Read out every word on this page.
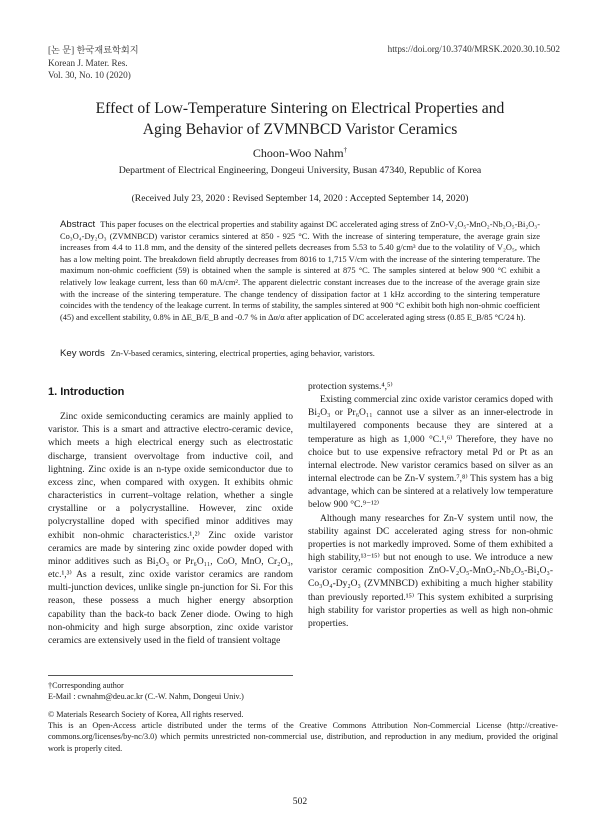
[논 문] 한국재료학회지
Korean J. Mater. Res.
Vol. 30, No. 10 (2020)
https://doi.org/10.3740/MRSK.2020.30.10.502
Effect of Low-Temperature Sintering on Electrical Properties and
Aging Behavior of ZVMNBCD Varistor Ceramics
Choon-Woo Nahm†
Department of Electrical Engineering, Dongeui University, Busan 47340, Republic of Korea
(Received July 23, 2020 : Revised September 14, 2020 : Accepted September 14, 2020)
Abstract This paper focuses on the electrical properties and stability against DC accelerated aging stress of ZnO-V₂O₅-MnO₂-Nb₂O₅-Bi₂O₃-Co₃O₄-Dy₂O₃ (ZVMNBCD) varistor ceramics sintered at 850 - 925 °C. With the increase of sintering temperature, the average grain size increases from 4.4 to 11.8 mm, and the density of the sintered pellets decreases from 5.53 to 5.40 g/cm³ due to the volatility of V₂O₅, which has a low melting point. The breakdown field abruptly decreases from 8016 to 1,715 V/cm with the increase of the sintering temperature. The maximum non-ohmic coefficient (59) is obtained when the sample is sintered at 875 °C. The samples sintered at below 900 °C exhibit a relatively low leakage current, less than 60 mA/cm². The apparent dielectric constant increases due to the increase of the average grain size with the increase of the sintering temperature. The change tendency of dissipation factor at 1 kHz according to the sintering temperature coincides with the tendency of the leakage current. In terms of stability, the samples sintered at 900 °C exhibit both high non-ohmic coefficient (45) and excellent stability, 0.8% in ΔE_B/E_B and -0.7 % in Δα/α after application of DC accelerated aging stress (0.85 E_B/85 °C/24 h).
Key words Zn-V-based ceramics, sintering, electrical properties, aging behavior, varistors.
1. Introduction

Zinc oxide semiconducting ceramics are mainly applied to varistor. This is a smart and attractive electro-ceramic device, which meets a high electrical energy such as electrostatic discharge, transient overvoltage from inductive coil, and lightning. Zinc oxide is an n-type oxide semiconductor due to excess zinc, when compared with oxygen. It exhibits ohmic characteristics in current–voltage relation, whether a single crystalline or a polycrystalline. However, zinc oxide polycrystalline doped with specified minor additives may exhibit non-ohmic characteristics.¹,²⁾ Zinc oxide varistor ceramics are made by sintering zinc oxide powder doped with minor additives such as Bi₂O₃ or Pr₆O₁₁, CoO, MnO, Cr₂O₃, etc.¹,³⁾ As a result, zinc oxide varistor ceramics are random multi-junction devices, unlike single pn-junction for Si. For this reason, these possess a much higher energy absorption capability than the back-to back Zener diode. Owing to high non-ohmicity and high surge absorption, zinc oxide varistor ceramics are extensively used in the field of transient voltage

protection systems.⁴,⁵⁾

Existing commercial zinc oxide varistor ceramics doped with Bi₂O₃ or Pr₆O₁₁ cannot use a silver as an inner-electrode in multilayered components because they are sintered at a temperature as high as 1,000 °C.¹,⁶⁾ Therefore, they have no choice but to use expensive refractory metal Pd or Pt as an internal electrode. New varistor ceramics based on silver as an internal electrode can be Zn-V system.⁷,⁸⁾ This system has a big advantage, which can be sintered at a relatively low temperature below 900 °C.⁹⁻¹²⁾

Although many researches for Zn-V system until now, the stability against DC accelerated aging stress for non-ohmic properties is not markedly improved. Some of them exhibited a high stability,¹³⁻¹⁵⁾ but not enough to use. We introduce a new varistor ceramic composition ZnO-V₂O₅-MnO₂-Nb₂O₅-Bi₂O₃-Co₃O₄-Dy₂O₃ (ZVMNBCD) exhibiting a much higher stability than previously reported.¹⁵⁾ This system exhibited a surprising high stability for varistor properties as well as high non-ohmic properties.

†Corresponding author

E-Mail : cwnahm@deu.ac.kr (C.-W. Nahm, Dongeui Univ.)

© Materials Research Society of Korea, All rights reserved.

This is an Open-Access article distributed under the terms of the Creative Commons Attribution Non-Commercial License (http://creative-commons.org/licenses/by-nc/3.0) which permits unrestricted non-commercial use, distribution, and reproduction in any medium, provided the original work is properly cited.

502
